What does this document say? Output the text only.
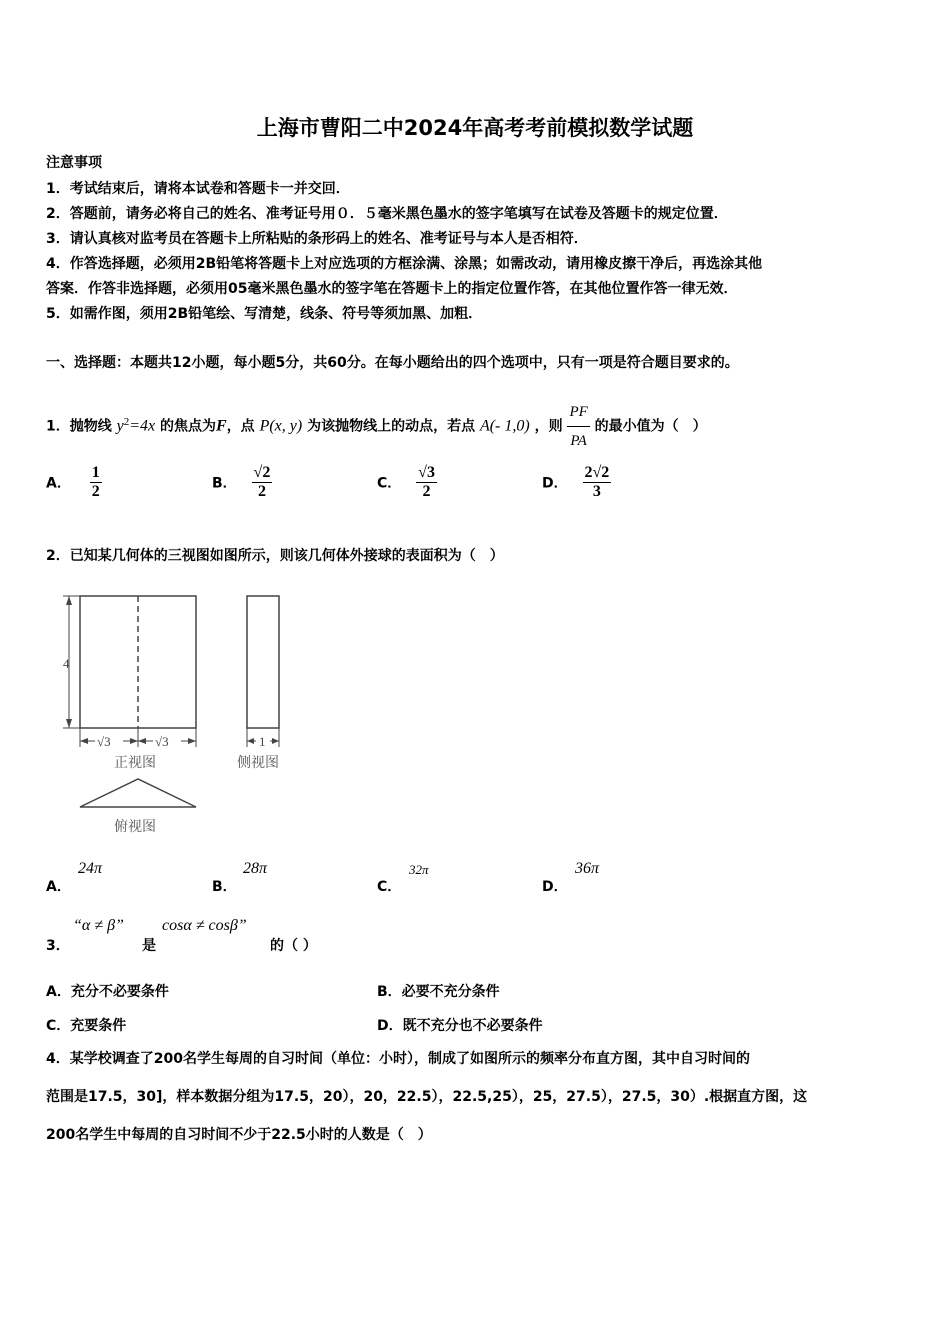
上海市曹阳二中2024年高考考前模拟数学试题
注意事项
1．考试结束后，请将本试卷和答题卡一并交回．
2．答题前，请务必将自己的姓名、准考证号用０．５毫米黑色墨水的签字笔填写在试卷及答题卡的规定位置．
3．请认真核对监考员在答题卡上所粘贴的条形码上的姓名、准考证号与本人是否相符．
4．作答选择题，必须用2B铅笔将答题卡上对应选项的方框涂满、涂黑；如需改动，请用橡皮擦干净后，再选涂其他
答案．作答非选择题，必须用05毫米黑色墨水的签字笔在答题卡上的指定位置作答，在其他位置作答一律无效．
5．如需作图，须用2B铅笔绘、写清楚，线条、符号等须加黑、加粗．
一、选择题：本题共12小题，每小题5分，共60分。在每小题给出的四个选项中，只有一项是符合题目要求的。
1．抛物线 $y^2=4x$ 的焦点为F，点 P(x, y) 为该抛物线上的动点，若点 A(- 1,0) ，则 $\frac{PF}{PA}$ 的最小值为（　）
A． $\frac{1}{2}$	B． $\frac{√2}{2}$	C． $\frac{√3}{2}$	D． $\frac{2√2}{3}$
2．已知某几何体的三视图如图所示，则该几何体外接球的表面积为（　）
4
√3	√3
正视图
1
侧视图
俯视图
A．
24π
B．
28π
C．
32π
D．
36π
3．
“α ≠ β”
是
cosα ≠ cosβ”
的（ ）
A．充分不必要条件	B．必要不充分条件
C．充要条件	D．既不充分也不必要条件
4．某学校调查了200名学生每周的自习时间（单位：小时），制成了如图所示的频率分布直方图，其中自习时间的
范围是17.5，30]，样本数据分组为17.5，20），20，22.5），22.5,25），25，27.5），27.5，30）.根据直方图，这
200名学生中每周的自习时间不少于22.5小时的人数是（　）
